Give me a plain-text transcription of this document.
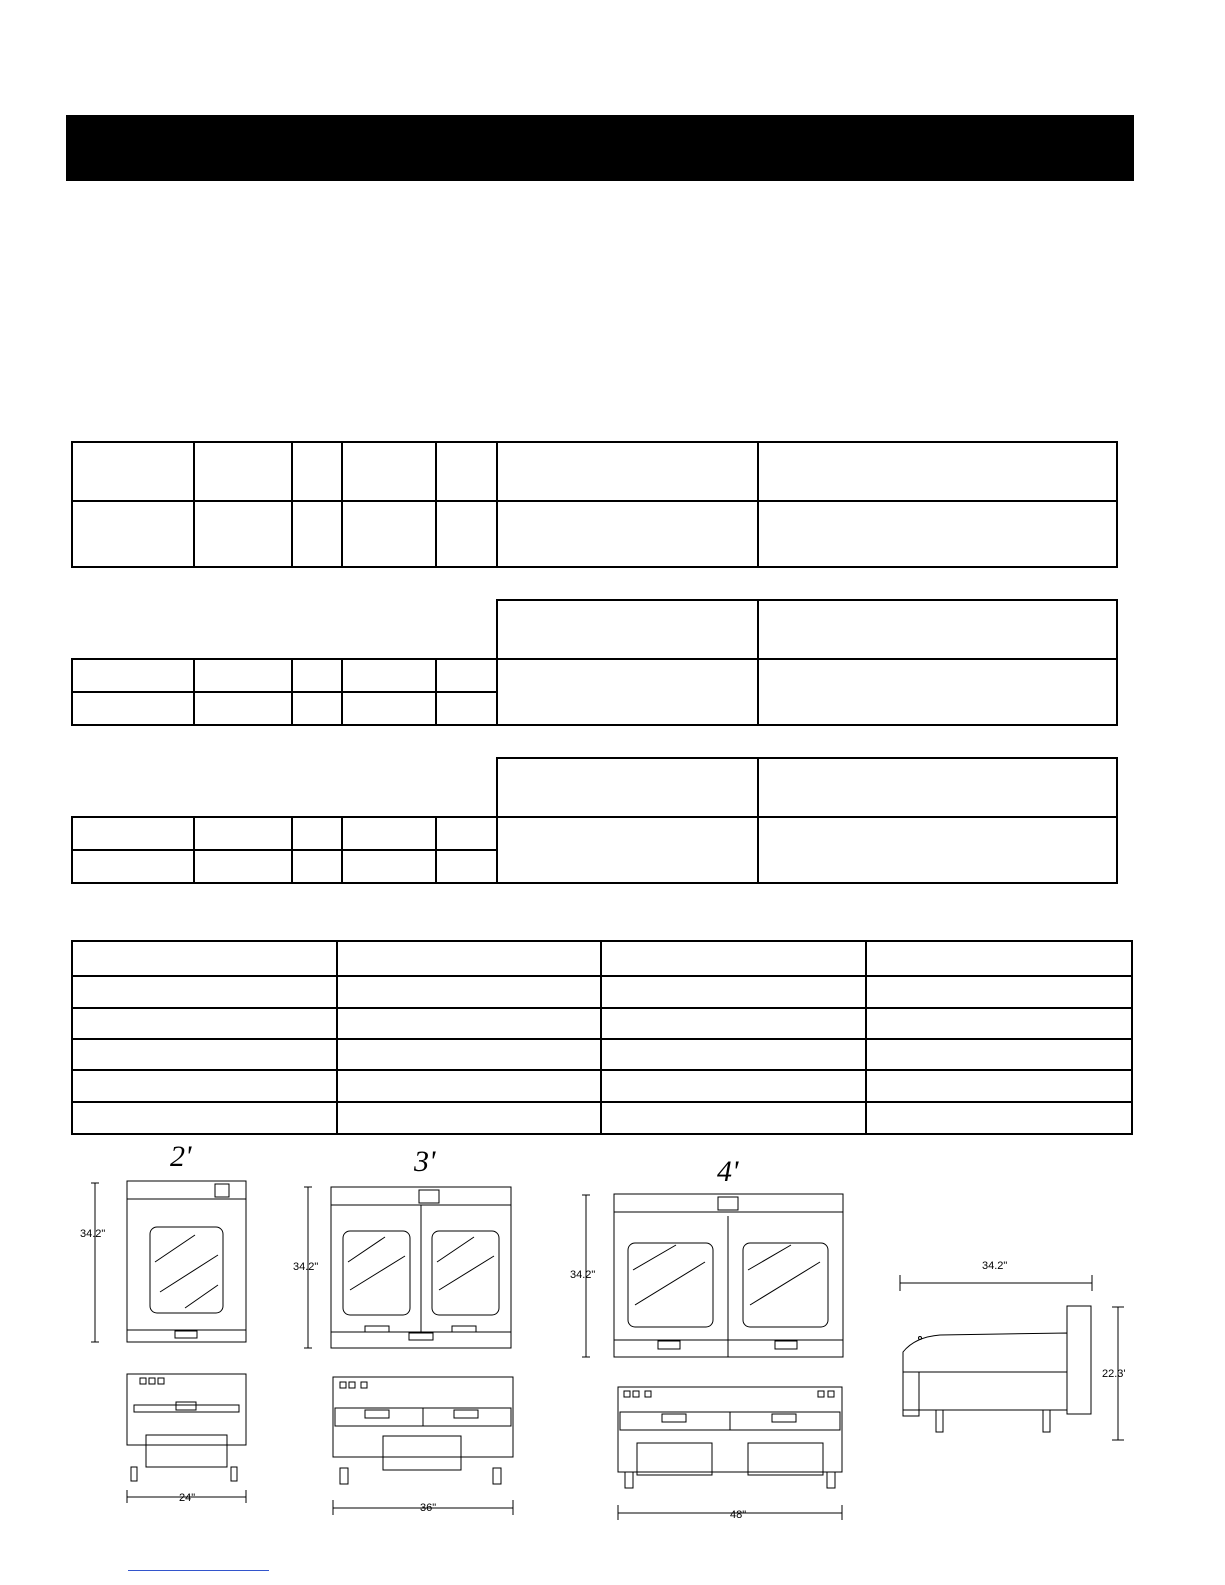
2'	3'	4'
34.2"
34.2"
34.2"
24"
36"
48"
34.2"
22.3'
